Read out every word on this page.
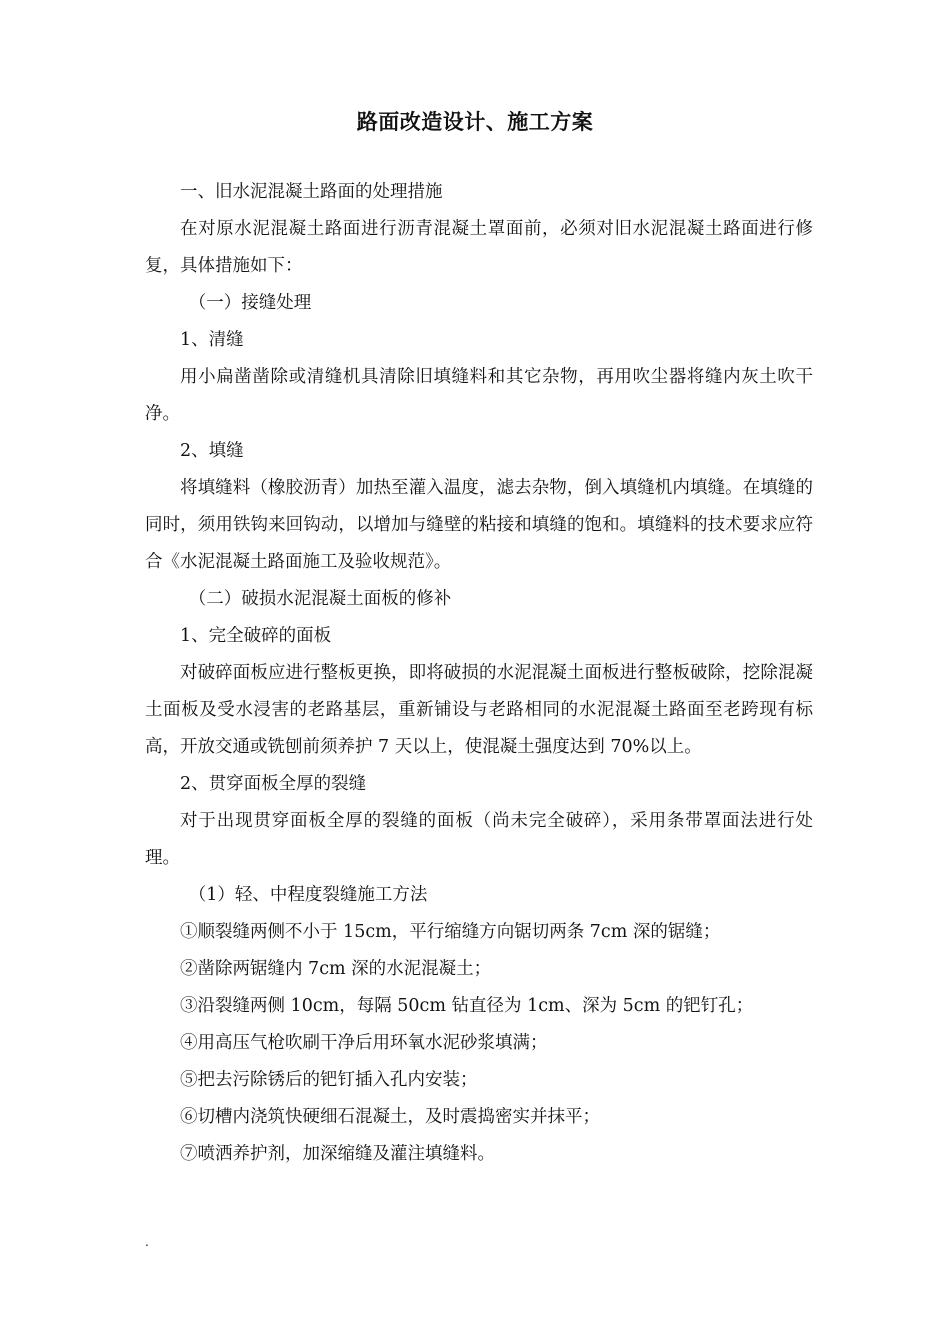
路面改造设计、施工方案

一、旧水泥混凝土路面的处理措施

在对原水泥混凝土路面进行沥青混凝土罩面前，必须对旧水泥混凝土路面进行修复，具体措施如下：

（一）接缝处理

1、清缝

用小扁凿凿除或清缝机具清除旧填缝料和其它杂物，再用吹尘器将缝内灰土吹干净。

2、填缝

将填缝料（橡胶沥青）加热至灌入温度，滤去杂物，倒入填缝机内填缝。在填缝的同时，须用铁钩来回钩动，以增加与缝壁的粘接和填缝的饱和。填缝料的技术要求应符合《水泥混凝土路面施工及验收规范》。

（二）破损水泥混凝土面板的修补

1、完全破碎的面板

对破碎面板应进行整板更换，即将破损的水泥混凝土面板进行整板破除，挖除混凝土面板及受水浸害的老路基层，重新铺设与老路相同的水泥混凝土路面至老跨现有标高，开放交通或铣刨前须养护 7 天以上，使混凝土强度达到 70%以上。

2、贯穿面板全厚的裂缝

对于出现贯穿面板全厚的裂缝的面板（尚未完全破碎），采用条带罩面法进行处理。

（1）轻、中程度裂缝施工方法

①顺裂缝两侧不小于 15cm，平行缩缝方向锯切两条 7cm 深的锯缝；

②凿除两锯缝内 7cm 深的水泥混凝土；

③沿裂缝两侧 10cm，每隔 50cm 钻直径为 1cm、深为 5cm 的钯钉孔；

④用高压气枪吹刷干净后用环氧水泥砂浆填满；

⑤把去污除锈后的钯钉插入孔内安装；

⑥切槽内浇筑快硬细石混凝土，及时震捣密实并抹平；

⑦喷洒养护剂，加深缩缝及灌注填缝料。

.
